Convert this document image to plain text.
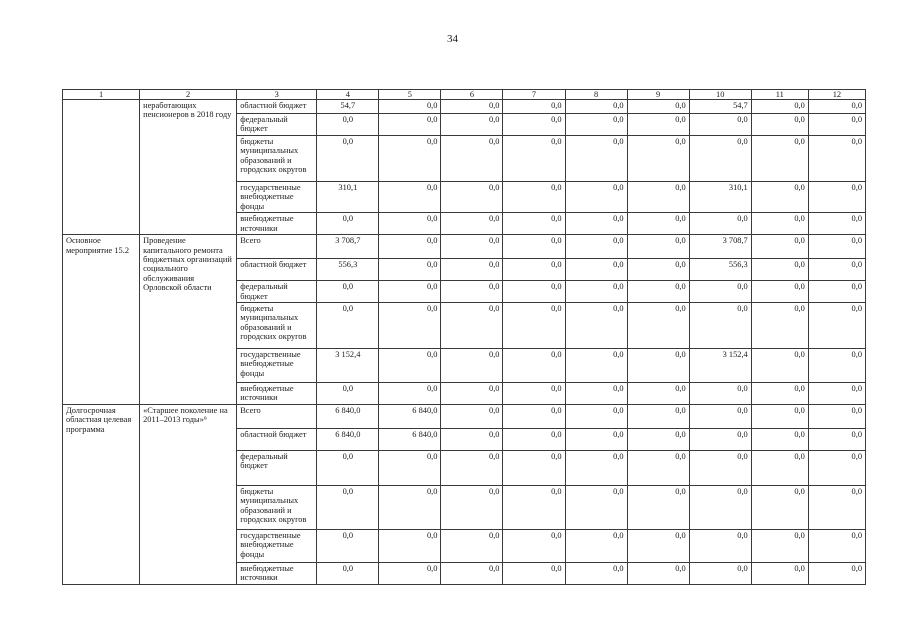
34
1	2	3	4	5	6	7	8	9	10	11	12
	неработающих пенсионеров в 2018 году	областной бюджет	54,7	0,0	0,0	0,0	0,0	0,0	54,7	0,0	0,0
		федеральный бюджет	0,0	0,0	0,0	0,0	0,0	0,0	0,0	0,0	0,0
		бюджеты муниципальных образований и городских округов	0,0	0,0	0,0	0,0	0,0	0,0	0,0	0,0	0,0
		государственные внебюджетные фонды	310,1	0,0	0,0	0,0	0,0	0,0	310,1	0,0	0,0
		внебюджетные источники	0,0	0,0	0,0	0,0	0,0	0,0	0,0	0,0	0,0
Основное мероприятие 15.2	Проведение капитального ремонта бюджетных организаций социального обслуживания Орловской области	Всего	3 708,7	0,0	0,0	0,0	0,0	0,0	3 708,7	0,0	0,0
		областной бюджет	556,3	0,0	0,0	0,0	0,0	0,0	556,3	0,0	0,0
		федеральный бюджет	0,0	0,0	0,0	0,0	0,0	0,0	0,0	0,0	0,0
		бюджеты муниципальных образований и городских округов	0,0	0,0	0,0	0,0	0,0	0,0	0,0	0,0	0,0
		государственные внебюджетные фонды	3 152,4	0,0	0,0	0,0	0,0	0,0	3 152,4	0,0	0,0
		внебюджетные источники	0,0	0,0	0,0	0,0	0,0	0,0	0,0	0,0	0,0
Долгосрочная областная целевая программа	«Старшее поколение на 2011–2013 годы»⁹	Всего	6 840,0	6 840,0	0,0	0,0	0,0	0,0	0,0	0,0	0,0
		областной бюджет	6 840,0	6 840,0	0,0	0,0	0,0	0,0	0,0	0,0	0,0
		федеральный бюджет	0,0	0,0	0,0	0,0	0,0	0,0	0,0	0,0	0,0
		бюджеты муниципальных образований и городских округов	0,0	0,0	0,0	0,0	0,0	0,0	0,0	0,0	0,0
		государственные внебюджетные фонды	0,0	0,0	0,0	0,0	0,0	0,0	0,0	0,0	0,0
		внебюджетные источники	0,0	0,0	0,0	0,0	0,0	0,0	0,0	0,0	0,0
